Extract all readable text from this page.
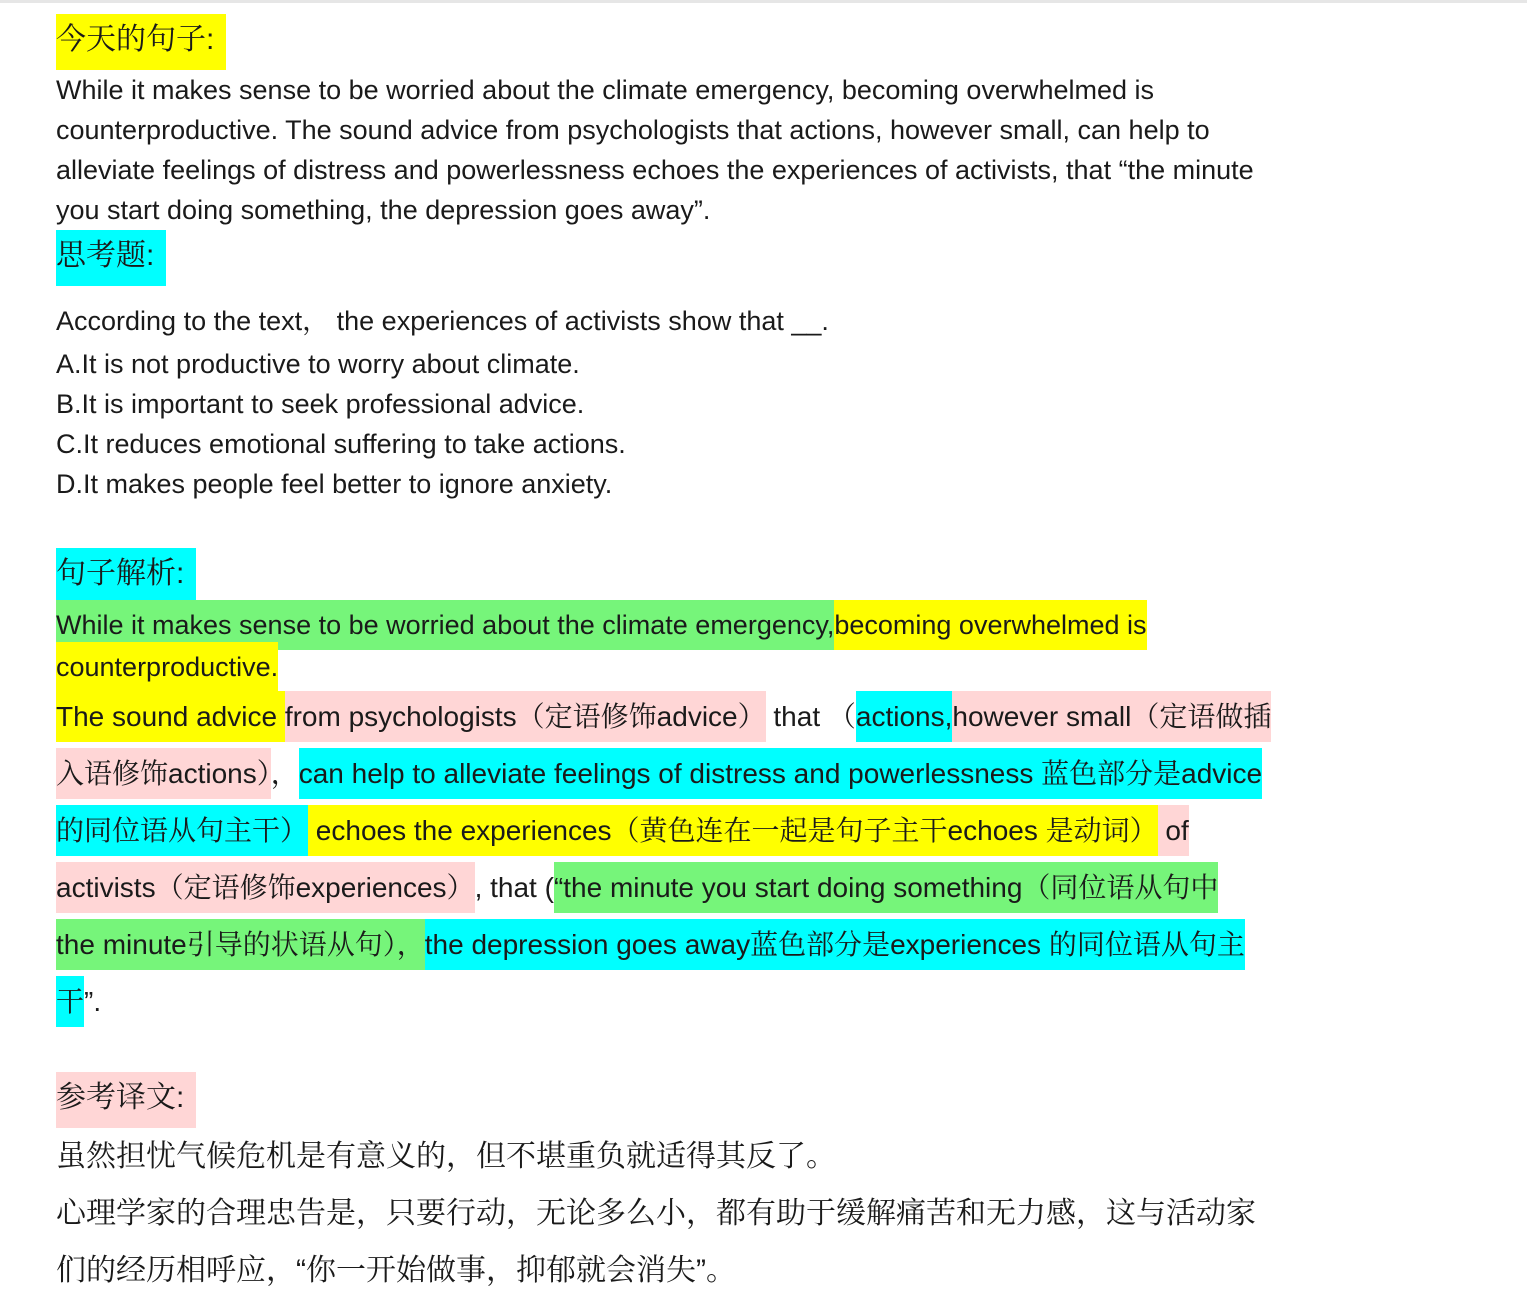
今天的句子:
While it makes sense to be worried about the climate emergency, becoming overwhelmed is
counterproductive. The sound advice from psychologists that actions, however small, can help to
alleviate feelings of distress and powerlessness echoes the experiences of activists, that “the minute
you start doing something, the depression goes away”.
思考题:
According to the text， the experiences of activists show that __.
A.It is not productive to worry about climate.
B.It is important to seek professional advice.
C.It reduces emotional suffering to take actions.
D.It makes people feel better to ignore anxiety.
句子解析:
While it makes sense to be worried about the climate emergency,becoming overwhelmed is
counterproductive.
The sound advice from psychologists（定语修饰advice） that （actions,however small（定语做插
入语修饰actions），can help to alleviate feelings of distress and powerlessness 蓝色部分是advice
的同位语从句主干） echoes the experiences（黄色连在一起是句子主干echoes 是动词） of
activists（定语修饰experiences）, that (“the minute you start doing something（同位语从句中
the minute引导的状语从句），the depression goes away蓝色部分是experiences 的同位语从句主
干”.
参考译文:
虽然担忧气候危机是有意义的，但不堪重负就适得其反了。
心理学家的合理忠告是，只要行动，无论多么小，都有助于缓解痛苦和无力感，这与活动家
们的经历相呼应，“你一开始做事，抑郁就会消失”。
